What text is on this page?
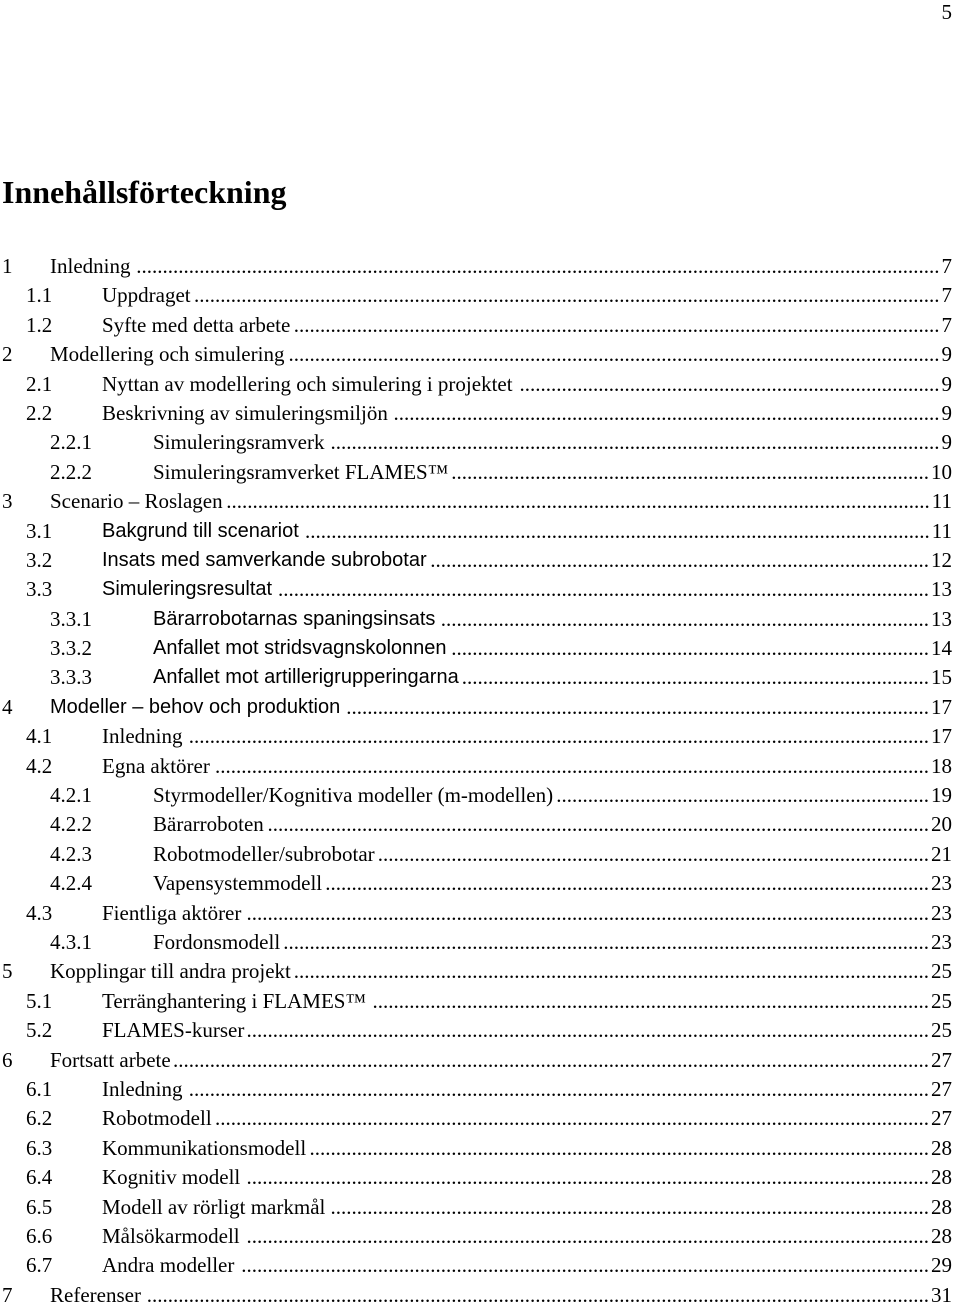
5
Innehållsförteckning
1 Inledning ......................................................................................................................................................... 7
1.1 Uppdraget .............................................................................................................................................. 7
1.2 Syfte med detta arbete ........................................................................................................................... 7
2 Modellering och simulering ............................................................................................................................ 9
2.1 Nyttan av modellering och simulering i projektet ................................................................................ 9
2.2 Beskrivning av simuleringsmiljön ........................................................................................................ 9
2.2.1	Simuleringsramverk .................................................................................................................... 9
2.2.2	Simuleringsramverket FLAMES™ ........................................................................................... 10
3 Scenario – Roslagen ...................................................................................................................................... 11
3.1 Bakgrund till scenariot ....................................................................................................................... 11
3.2 Insats med samverkande subrobotar ............................................................................................... 12
3.3 Simuleringsresultat ............................................................................................................................ 13
3.3.1	Bärarrobotarnas spaningsinsats ............................................................................................. 13
3.3.2	Anfallet mot stridsvagnskolonnen ........................................................................................... 14
3.3.3	Anfallet mot artillerigrupperingarna ......................................................................................... 15
4 Modeller – behov och produktion ............................................................................................................... 17
4.1 Inledning ............................................................................................................................................. 17
4.2 Egna aktörer ........................................................................................................................................ 18
4.2.1	Styrmodeller/Kognitiva modeller (m-modellen) ....................................................................... 19
4.2.2	Bärarroboten .............................................................................................................................. 20
4.2.3	Robotmodeller/subrobotar ......................................................................................................... 21
4.2.4	Vapensystemmodell ................................................................................................................... 23
4.3 Fientliga aktörer .................................................................................................................................. 23
4.3.1	Fordonsmodell ........................................................................................................................... 23
5 Kopplingar till andra projekt ......................................................................................................................... 25
5.1 Terränghantering i FLAMES™ .......................................................................................................... 25
5.2 FLAMES-kurser .................................................................................................................................. 25
6 Fortsatt arbete ................................................................................................................................................ 27
6.1 Inledning ............................................................................................................................................. 27
6.2 Robotmodell ........................................................................................................................................ 27
6.3 Kommunikationsmodell ...................................................................................................................... 28
6.4 Kognitiv modell .................................................................................................................................. 28
6.5 Modell av rörligt markmål .................................................................................................................. 28
6.6 Målsökarmodell .................................................................................................................................. 28
6.7 Andra modeller ................................................................................................................................... 29
7 Referenser ..................................................................................................................................................... 31
